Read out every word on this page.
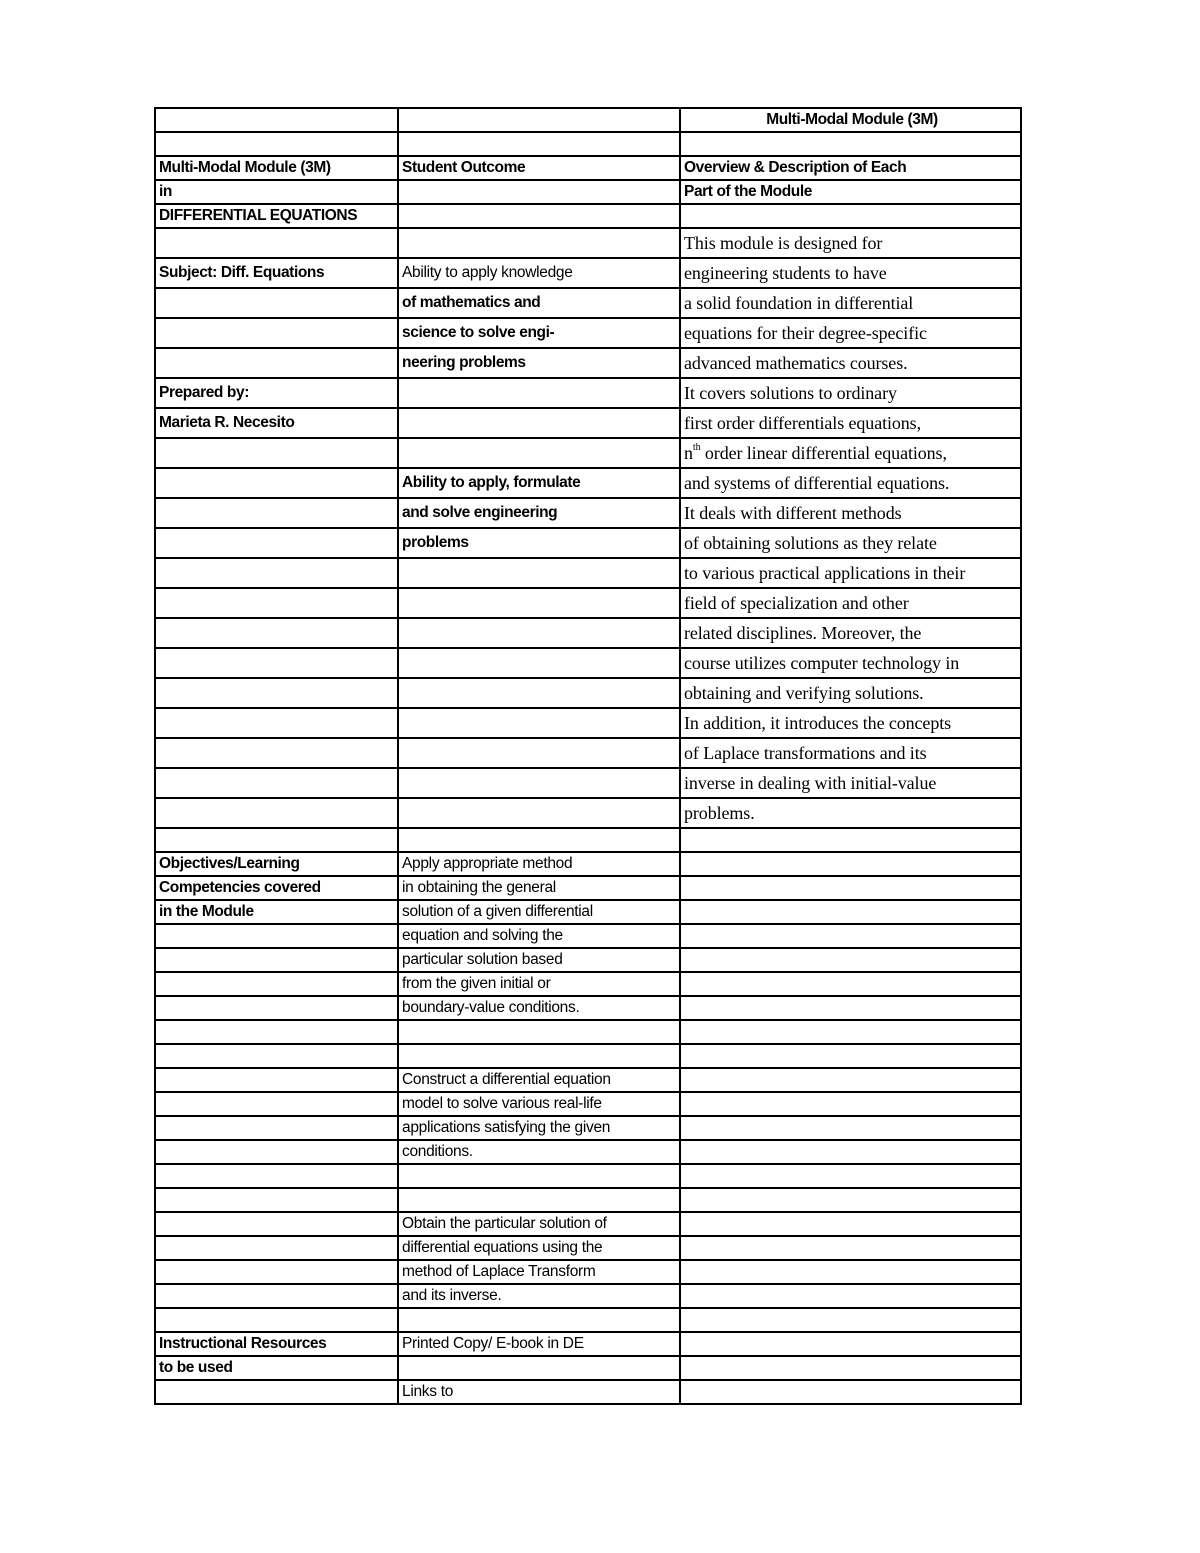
		Multi-Modal Module (3M)

Multi-Modal Module (3M)	Student Outcome	Overview & Description of Each
in		Part of the Module
DIFFERENTIAL EQUATIONS		
		This module is designed for
Subject: Diff. Equations	Ability to apply knowledge	engineering students to have
	of mathematics and	a solid foundation in differential
	science to solve engi-	equations for their degree-specific
	neering problems	advanced mathematics courses.
Prepared by:		It covers solutions to ordinary
Marieta R. Necesito		first order differentials equations,
		$n^{th}$ order linear differential equations,
	Ability to apply, formulate	and systems of differential equations.
	and solve engineering	It deals with different methods
	problems	of obtaining solutions as they relate
		to various practical applications in their
		field of specialization and other
		related disciplines. Moreover, the
		course utilizes computer technology in
		obtaining and verifying solutions.
		In addition, it introduces the concepts
		of Laplace transformations and its
		inverse in dealing with initial-value
		problems.

Objectives/Learning	Apply appropriate method	
Competencies covered	in obtaining the general	
in the Module	solution of a given differential	
	equation and solving the	
	particular solution based	
	from the given initial or	
	boundary-value conditions.	

	Construct a differential equation	
	model to solve various real-life	
	applications satisfying the given	
	conditions.	

	Obtain the particular solution of	
	differential equations using the	
	method of Laplace Transform	
	and its inverse.	

Instructional Resources	Printed Copy/ E-book in DE	
to be used		
	Links to	
